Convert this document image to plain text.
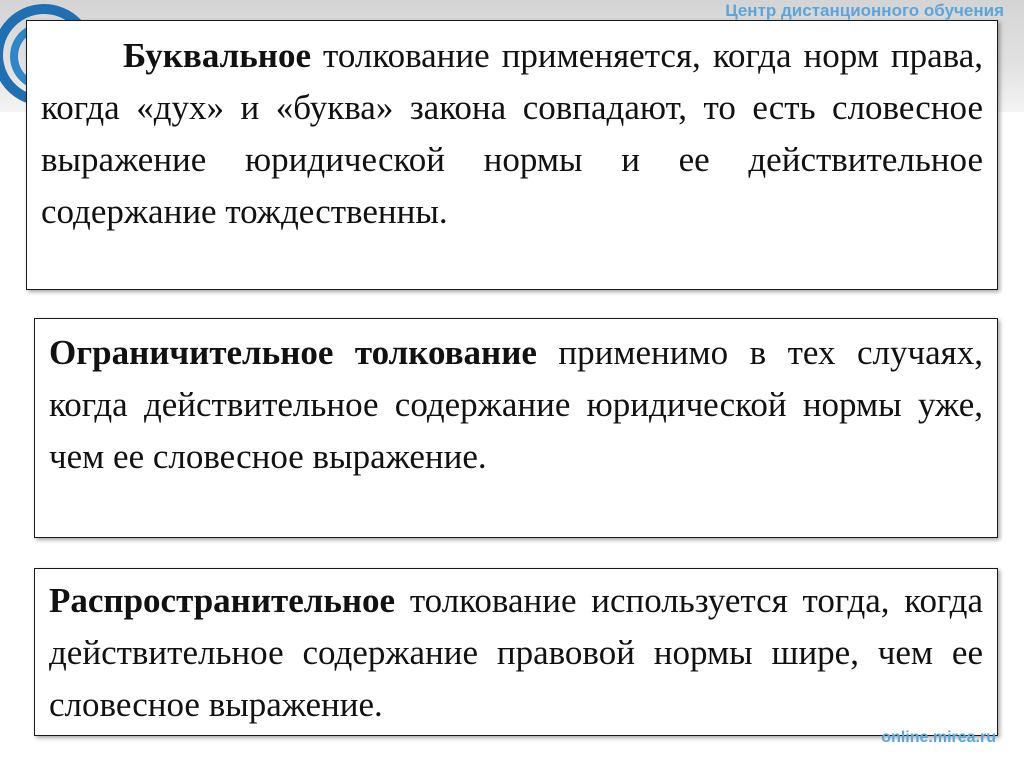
Центр дистанционного обучения
Буквальное толкование применяется, когда норм права, когда «дух» и «буква» закона совпадают, то есть словесное выражение юридической нормы и ее действительное содержание тождественны.
Ограничительное толкование применимо в тех случаях, когда действительное содержание юридической нормы уже, чем ее словесное выражение.
Распространительное толкование используется тогда, когда действительное содержание правовой нормы шире, чем ее словесное выражение.
online.mirea.ru
